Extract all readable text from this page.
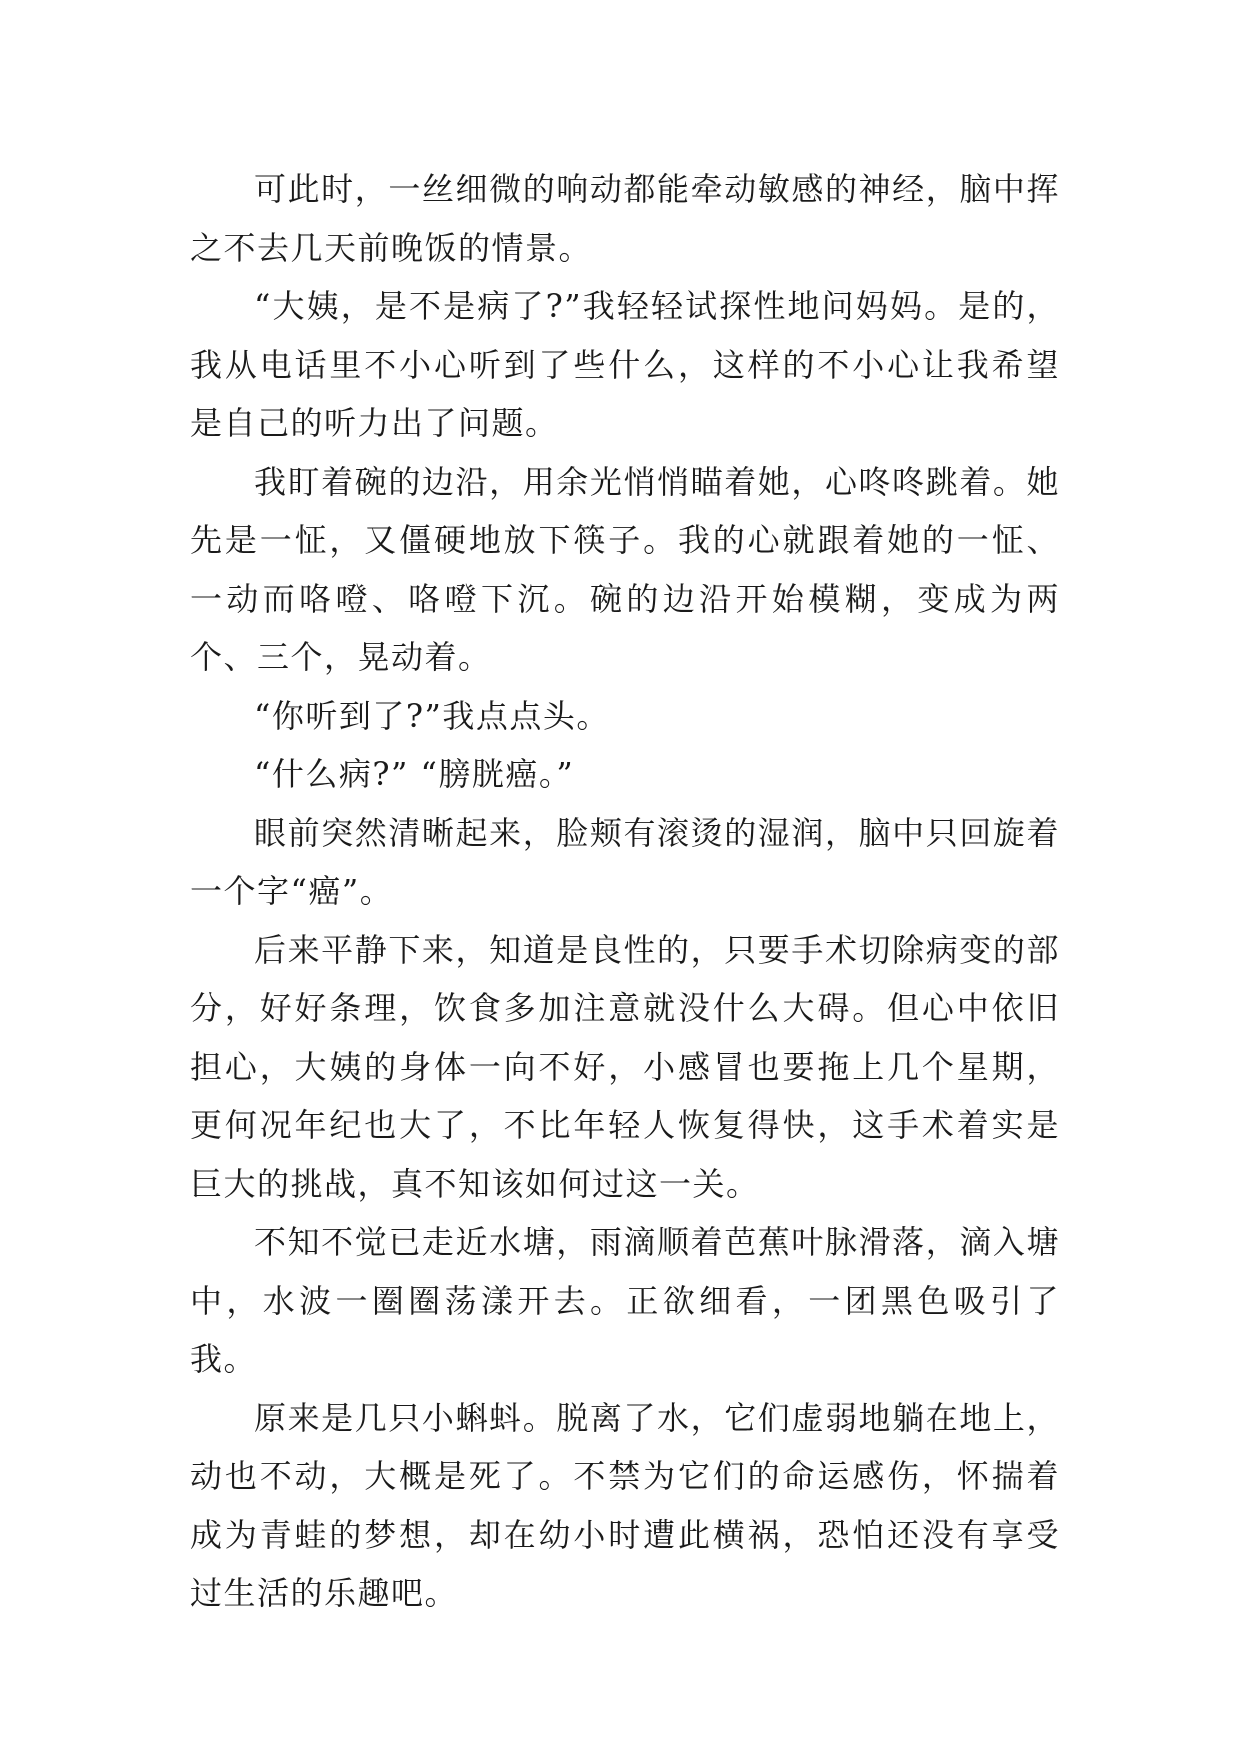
可此时，一丝细微的响动都能牵动敏感的神经，脑中挥之不去几天前晚饭的情景。

“大姨，是不是病了?”我轻轻试探性地问妈妈。是的，我从电话里不小心听到了些什么，这样的不小心让我希望是自己的听力出了问题。

我盯着碗的边沿，用余光悄悄瞄着她，心咚咚跳着。她先是一怔，又僵硬地放下筷子。我的心就跟着她的一怔、一动而咯噔、咯噔下沉。碗的边沿开始模糊，变成为两个、三个，晃动着。

“你听到了?”我点点头。

“什么病?” “膀胱癌。”

眼前突然清晰起来，脸颊有滚烫的湿润，脑中只回旋着一个字“癌”。

后来平静下来，知道是良性的，只要手术切除病变的部分，好好条理，饮食多加注意就没什么大碍。但心中依旧担心，大姨的身体一向不好，小感冒也要拖上几个星期，更何况年纪也大了，不比年轻人恢复得快，这手术着实是巨大的挑战，真不知该如何过这一关。

不知不觉已走近水塘，雨滴顺着芭蕉叶脉滑落，滴入塘中，水波一圈圈荡漾开去。正欲细看，一团黑色吸引了我。

原来是几只小蝌蚪。脱离了水，它们虚弱地躺在地上，动也不动，大概是死了。不禁为它们的命运感伤，怀揣着成为青蛙的梦想，却在幼小时遭此横祸，恐怕还没有享受过生活的乐趣吧。
